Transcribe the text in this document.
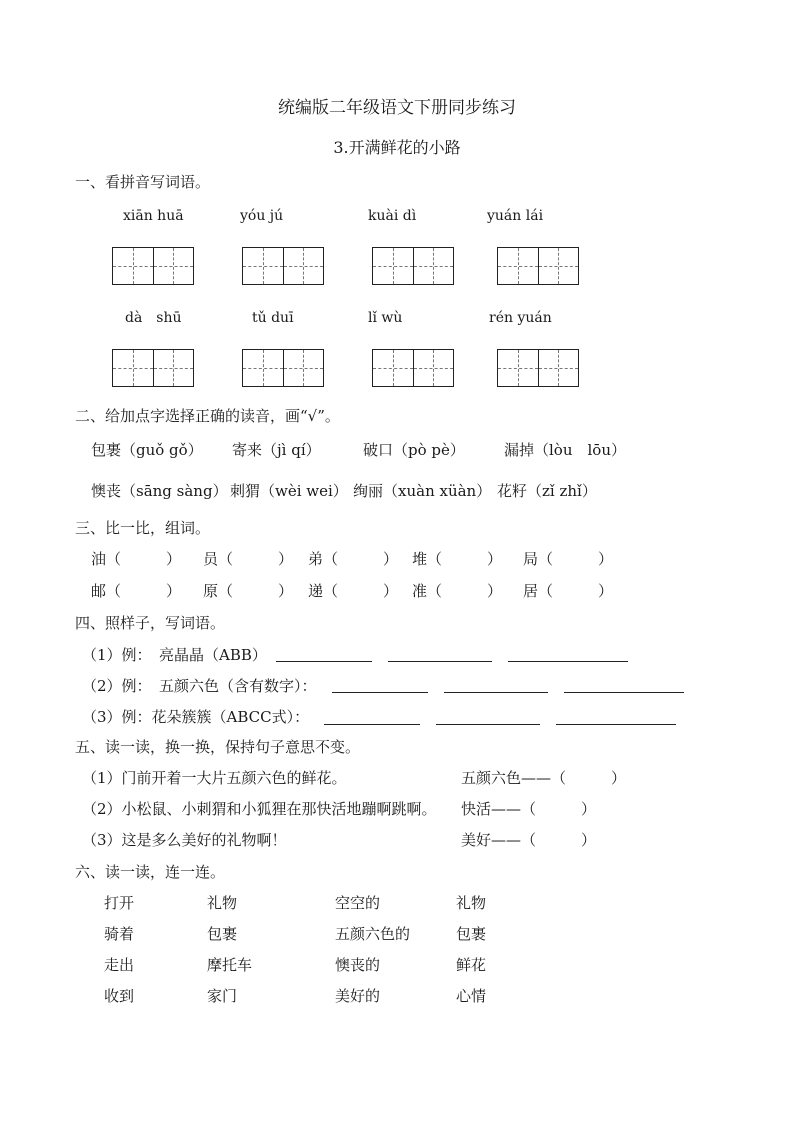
统编版二年级语文下册同步练习
3.开满鲜花的小路
一、看拼音写词语。
xiān huā	yóu jú	kuài dì	yuán lái
dà　shū	tǔ duī	lǐ wù	rén yuán
二、给加点字选择正确的读音，画“√”。
包裹（guǒ gǒ） 寄来（jì qí）	破口（pò pè）	漏掉（lòu　lōu）
懊丧（sāng sàng） 刺猬（wèi wei） 绚丽（xuàn xüàn） 花籽（zǐ zhǐ）
三、比一比，组词。
油（　　　） 员（　　　） 弟（　　　） 堆（　　　） 局（　　　）
邮（　　　） 原（　　　） 递（　　　） 准（　　　） 居（　　　）
四、照样子，写词语。
（1）例：　亮晶晶（ABB）
（2）例：　五颜六色（含有数字）：
（3）例：花朵簇簇（ABCC式）：
五、读一读，换一换，保持句子意思不变。
（1）门前开着一大片五颜六色的鲜花。	五颜六色——（　　　）
（2）小松鼠、小刺猬和小狐狸在那快活地蹦啊跳啊。 快活——（　　　）
（3）这是多么美好的礼物啊！	美好——（　　　）
六、读一读，连一连。
打开	礼物	空空的	礼物
骑着	包裹	五颜六色的	包裹
走出	摩托车	懊丧的	鲜花
收到	家门	美好的	心情
